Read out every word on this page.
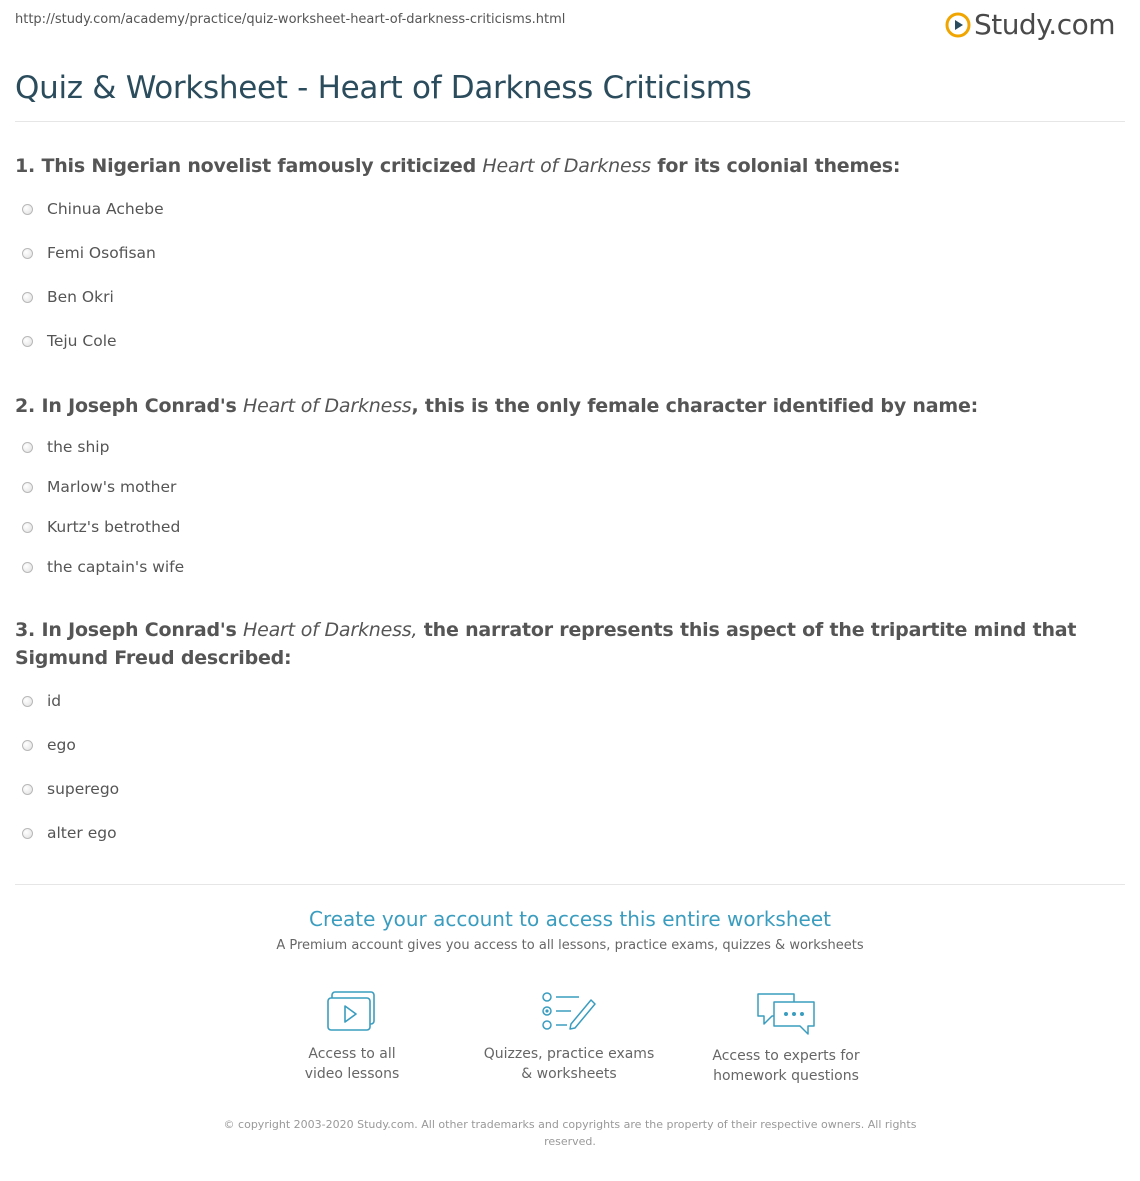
http://study.com/academy/practice/quiz-worksheet-heart-of-darkness-criticisms.html	Study.com
Quiz & Worksheet - Heart of Darkness Criticisms

1. This Nigerian novelist famously criticized Heart of Darkness for its colonial themes:

Chinua Achebe
Femi Osofisan
Ben Okri
Teju Cole

2. In Joseph Conrad's Heart of Darkness, this is the only female character identified by name:

the ship
Marlow's mother
Kurtz's betrothed
the captain's wife

3. In Joseph Conrad's Heart of Darkness, the narrator represents this aspect of the tripartite mind that Sigmund Freud described:

id
ego
superego
alter ego
Create your account to access this entire worksheet
A Premium account gives you access to all lessons, practice exams, quizzes & worksheets
Access to all
video lessons
Quizzes, practice exams
& worksheets
Access to experts for
homework questions
© copyright 2003-2020 Study.com. All other trademarks and copyrights are the property of their respective owners. All rights
reserved.
